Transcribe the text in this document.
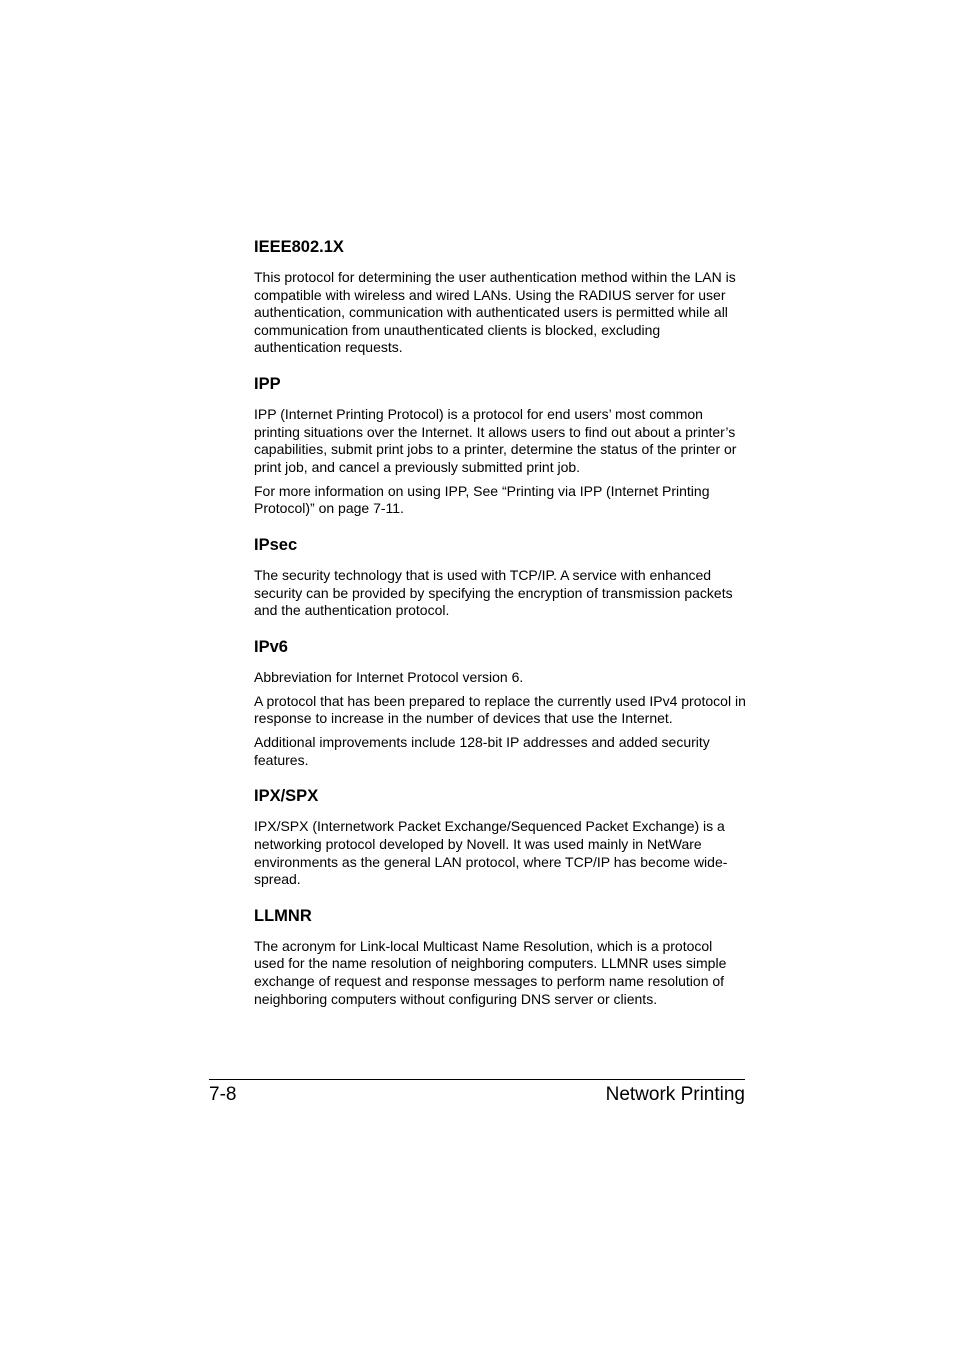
IEEE802.1X

This protocol for determining the user authentication method within the LAN is compatible with wireless and wired LANs. Using the RADIUS server for user authentication, communication with authenticated users is permitted while all communication from unauthenticated clients is blocked, excluding authentication requests.

IPP

IPP (Internet Printing Protocol) is a protocol for end users’ most common printing situations over the Internet. It allows users to find out about a printer’s capabilities, submit print jobs to a printer, determine the status of the printer or print job, and cancel a previously submitted print job.

For more information on using IPP, See “Printing via IPP (Internet Printing Protocol)” on page 7-11.

IPsec

The security technology that is used with TCP/IP. A service with enhanced security can be provided by specifying the encryption of transmission packets and the authentication protocol.

IPv6

Abbreviation for Internet Protocol version 6.

A protocol that has been prepared to replace the currently used IPv4 protocol in response to increase in the number of devices that use the Internet.

Additional improvements include 128-bit IP addresses and added security features.

IPX/SPX

IPX/SPX (Internetwork Packet Exchange/Sequenced Packet Exchange) is a networking protocol developed by Novell. It was used mainly in NetWare environments as the general LAN protocol, where TCP/IP has become wide-spread.

LLMNR

The acronym for Link-local Multicast Name Resolution, which is a protocol used for the name resolution of neighboring computers. LLMNR uses simple exchange of request and response messages to perform name resolution of neighboring computers without configuring DNS server or clients.

7-8	Network Printing
